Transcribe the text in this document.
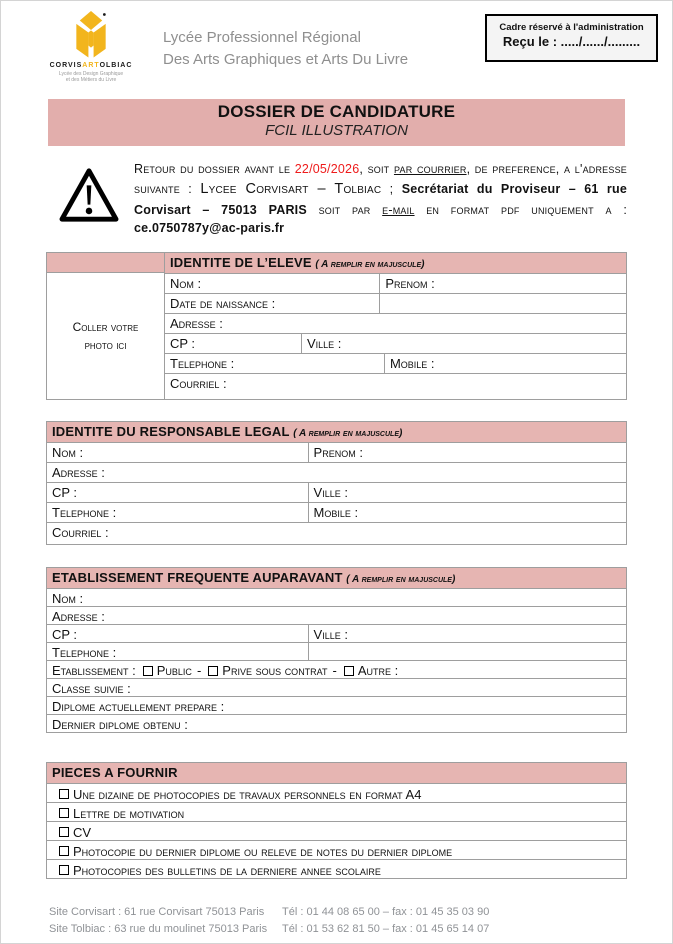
CORVISARTOLBIAC
Lycée des Design Graphique
et des Métiers du Livre
Lycée Professionnel Régional
Des Arts Graphiques et Arts Du Livre
Cadre réservé à l'administration
Reçu le : ...../....../.........
DOSSIER DE CANDIDATURE
FCIL ILLUSTRATION
Retour du dossier avant le 22/05/2026, soit par courrier, de preference, a l'adresse suivante : Lycee Corvisart – Tolbiac ; Secrétariat du Proviseur – 61 rue Corvisart – 75013 PARIS soit par e-mail en format pdf uniquement a : ce.0750787y@ac-paris.fr
Coller votre
photo ici
IDENTITE DE L’ELEVE ( A remplir en majuscule)
Nom :	Prenom :
Date de naissance :
Adresse :
CP :	Ville :
Telephone :	Mobile :
Courriel :
IDENTITE DU RESPONSABLE LEGAL ( A remplir en majuscule)
Nom :	Prenom :
Adresse :
CP :	Ville :
Telephone :	Mobile :
Courriel :
ETABLISSEMENT FREQUENTE AUPARAVANT ( A remplir en majuscule)
Nom :
Adresse :
CP :	Ville :
Telephone :
Etablissement : Public - Prive sous contrat - Autre :
Classe suivie :
Diplome actuellement prepare :
Dernier diplome obtenu :
PIECES A FOURNIR
Une dizaine de photocopies de travaux personnels en format A4
Lettre de motivation
CV
Photocopie du dernier diplome ou releve de notes du dernier diplome
Photocopies des bulletins de la derniere annee scolaire
Site Corvisart : 61 rue Corvisart 75013 Paris	Tél : 01 44 08 65 00 – fax : 01 45 35 03 90
Site Tolbiac : 63 rue du moulinet 75013 Paris	Tél : 01 53 62 81 50 – fax : 01 45 65 14 07
